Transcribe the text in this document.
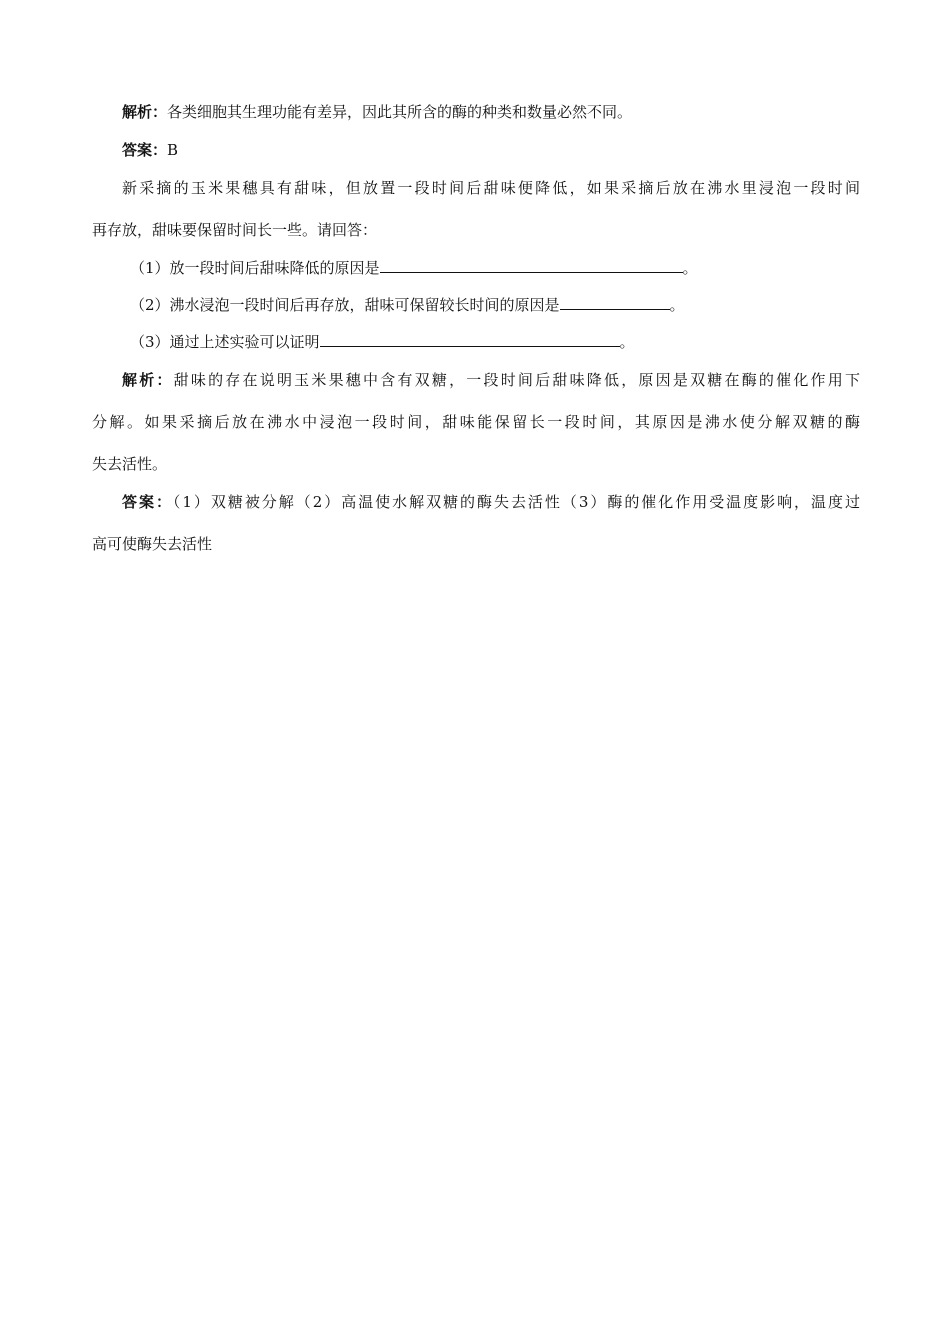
解析：各类细胞其生理功能有差异，因此其所含的酶的种类和数量必然不同。
答案：B
新采摘的玉米果穗具有甜味，但放置一段时间后甜味便降低，如果采摘后放在沸水里浸泡一段时间
再存放，甜味要保留时间长一些。请回答：
（1）放一段时间后甜味降低的原因是	。
（2）沸水浸泡一段时间后再存放，甜味可保留较长时间的原因是	。
（3）通过上述实验可以证明	。
解析：甜味的存在说明玉米果穗中含有双糖，一段时间后甜味降低，原因是双糖在酶的催化作用下
分解。如果采摘后放在沸水中浸泡一段时间，甜味能保留长一段时间，其原因是沸水使分解双糖的酶
失去活性。
答案：（1）双糖被分解（2）高温使水解双糖的酶失去活性（3）酶的催化作用受温度影响，温度过
高可使酶失去活性
